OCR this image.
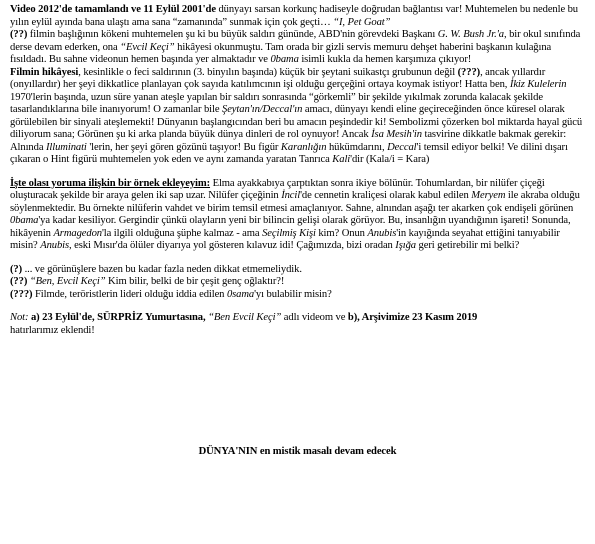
Video 2012'de tamamlandı ve 11 Eylül 2001'de dünyayı sarsan korkunç hadiseyle doğrudan bağlantısı var! Muhtemelen bu nedenle bu yılın eylül ayında bana ulaştı ama sana “zamanında” sunmak için çok geçti… “I, Pet Goat”
(??) filmin başlığının kökeni muhtemelen şu ki bu büyük saldırı gününde, ABD'nin görevdeki Başkanı G. W. Bush Jr.'a, bir okul sınıfında derse devam ederken, ona “Evcil Keçi” hikâyesi okunmuştu. Tam orada bir gizli servis memuru dehşet haberini başkanın kulağına fısıldadı. Bu sahne videonun hemen başında yer almaktadır ve 0bama isimli kukla da hemen karşımıza çıkıyor!

Filmin hikâyesi, kesinlikle o feci saldırının (3. binyılın başında) küçük bir şeytani suikastçı grubunun değil (???), ancak yıllardır (onyıllardır) her şeyi dikkatlice planlayan çok sayıda katılımcının işi olduğu gerçeğini ortaya koymak istiyor! Hatta ben, İkiz Kulelerin 1970'lerin başında, uzun süre yanan ateşle yapılan bir saldırı sonrasında “görkemli” bir şekilde yıkılmak zorunda kalacak şekilde tasarlandıklarına bile inanıyorum! O zamanlar bile Şeytan'ın/Deccal'ın amacı, dünyayı kendi eline geçireceğinden önce küresel olarak görülebilen bir sinyali ateşlemekti! Dünyanın başlangıcından beri bu amacın peşindedir ki! Sembolizmi çözerken bol miktarda hayal gücü diliyorum sana; Görünen şu ki arka planda büyük dünya dinleri de rol oynuyor! Ancak İsa Mesih'in tasvirine dikkatle bakmak gerekir: Alnında Illuminati 'lerin, her şeyi gören gözünü taşıyor! Bu figür Karanlığın hükümdarını, Deccal'i temsil ediyor belki! Ve dilini dışarı çıkaran o Hint figürü muhtemelen yok eden ve aynı zamanda yaratan Tanrıca Kali'dir (Kala/i = Kara)

İşte olası yoruma ilişkin bir örnek ekleyeyim: Elma ayakkabıya çarptıktan sonra ikiye bölünür. Tohumlardan, bir nilüfer çiçeği oluşturacak şekilde bir araya gelen iki sap uzar. Nilüfer çiçeğinin İncil'de cennetin kraliçesi olarak kabul edilen Meryem ile akraba olduğu söylenmektedir. Bu örnekte nilüferin vahdet ve birim temsil etmesi amaçlanıyor. Sahne, alnından aşağı ter akarken çok endişeli görünen 0bama'ya kadar kesiliyor. Gergindir çünkü olayların yeni bir bilincin gelişi olarak görüyor. Bu, insanlığın uyandığının işareti! Sonunda, hikâyenin Armagedon'la ilgili olduğuna şüphe kalmaz - ama Seçilmiş Kişi kim? Onun Anubis'in kayığında seyahat ettiğini tanıyabilir misin? Anubis, eski Mısır'da ölüler diyarıya yol gösteren kılavuz idi! Çağımızda, bizi oradan Işığa geri getirebilir mi belki?

(?) ... ve görünüşlere bazen bu kadar fazla neden dikkat etmemeliydik.

(??) “Ben, Evcil Keçi” Kim bilir, belki de bir çeşit genç oğlaktır?!

(???) Filmde, teröristlerin lideri olduğu iddia edilen 0sama'yı bulabilir misin?

Not: a) 23 Eylül'de, SÜRPRİZ Yumurtasına, “Ben Evcil Keçi” adlı videom ve b), Arşivimize 23 Kasım 2019
hatırlarımız eklendi!

DÜNYA'NIN en mistik masalı devam edecek
